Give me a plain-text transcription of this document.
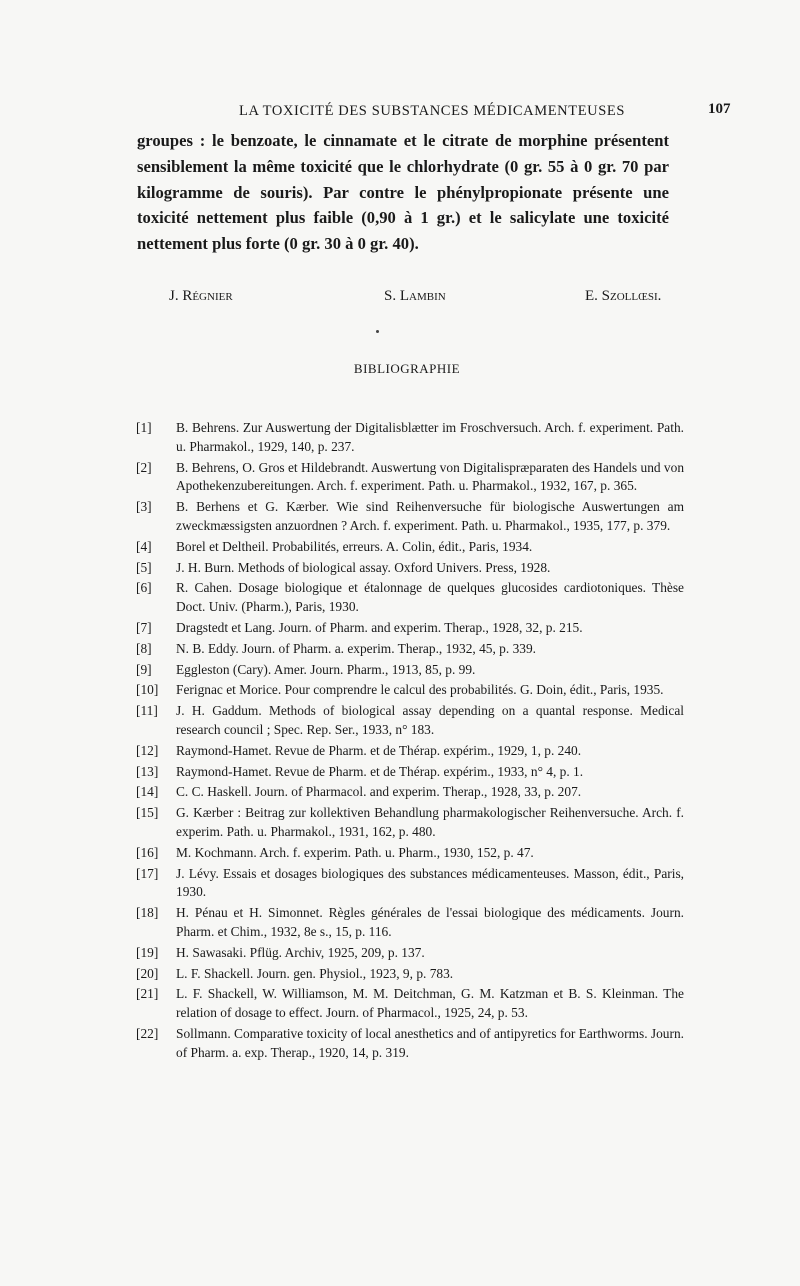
LA TOXICITÉ DES SUBSTANCES MÉDICAMENTEUSES	107
groupes : le benzoate, le cinnamate et le citrate de morphine présentent sensiblement la même toxicité que le chlorhydrate (0 gr. 55 à 0 gr. 70 par kilogramme de souris). Par contre le phénylpropionate présente une toxicité nettement plus faible (0,90 à 1 gr.) et le salicylate une toxicité nettement plus forte (0 gr. 30 à 0 gr. 40).
J. Régnier	S. Lambin	E. Szollœsi.
BIBLIOGRAPHIE
[1] B. Behrens. Zur Auswertung der Digitalisblætter im Froschversuch. Arch. f. experiment. Path. u. Pharmakol., 1929, 140, p. 237.
[2] B. Behrens, O. Gros et Hildebrandt. Auswertung von Digitalispræparaten des Handels und von Apothekenzubereitungen. Arch. f. experiment. Path. u. Pharmakol., 1932, 167, p. 365.
[3] B. Berhens et G. Kærber. Wie sind Reihenversuche für biologische Auswertungen am zweckmæssigsten anzuordnen ? Arch. f. experiment. Path. u. Pharmakol., 1935, 177, p. 379.
[4] Borel et Deltheil. Probabilités, erreurs. A. Colin, édit., Paris, 1934.
[5] J. H. Burn. Methods of biological assay. Oxford Univers. Press, 1928.
[6] R. Cahen. Dosage biologique et étalonnage de quelques glucosides cardiotoniques. Thèse Doct. Univ. (Pharm.), Paris, 1930.
[7] Dragstedt et Lang. Journ. of Pharm. and experim. Therap., 1928, 32, p. 215.
[8] N. B. Eddy. Journ. of Pharm. a. experim. Therap., 1932, 45, p. 339.
[9] Eggleston (Cary). Amer. Journ. Pharm., 1913, 85, p. 99.
[10] Ferignac et Morice. Pour comprendre le calcul des probabilités. G. Doin, édit., Paris, 1935.
[11] J. H. Gaddum. Methods of biological assay depending on a quantal response. Medical research council ; Spec. Rep. Ser., 1933, n° 183.
[12] Raymond-Hamet. Revue de Pharm. et de Thérap. expérim., 1929, 1, p. 240.
[13] Raymond-Hamet. Revue de Pharm. et de Thérap. expérim., 1933, n° 4, p. 1.
[14] C. C. Haskell. Journ. of Pharmacol. and experim. Therap., 1928, 33, p. 207.
[15] G. Kærber : Beitrag zur kollektiven Behandlung pharmakologischer Reihenversuche. Arch. f. experim. Path. u. Pharmakol., 1931, 162, p. 480.
[16] M. Kochmann. Arch. f. experim. Path. u. Pharm., 1930, 152, p. 47.
[17] J. Lévy. Essais et dosages biologiques des substances médicamenteuses. Masson, édit., Paris, 1930.
[18] H. Pénau et H. Simonnet. Règles générales de l'essai biologique des médicaments. Journ. Pharm. et Chim., 1932, 8e s., 15, p. 116.
[19] H. Sawasaki. Pflüg. Archiv, 1925, 209, p. 137.
[20] L. F. Shackell. Journ. gen. Physiol., 1923, 9, p. 783.
[21] L. F. Shackell, W. Williamson, M. M. Deitchman, G. M. Katzman et B. S. Kleinman. The relation of dosage to effect. Journ. of Pharmacol., 1925, 24, p. 53.
[22] Sollmann. Comparative toxicity of local anesthetics and of antipyretics for Earthworms. Journ. of Pharm. a. exp. Therap., 1920, 14, p. 319.
